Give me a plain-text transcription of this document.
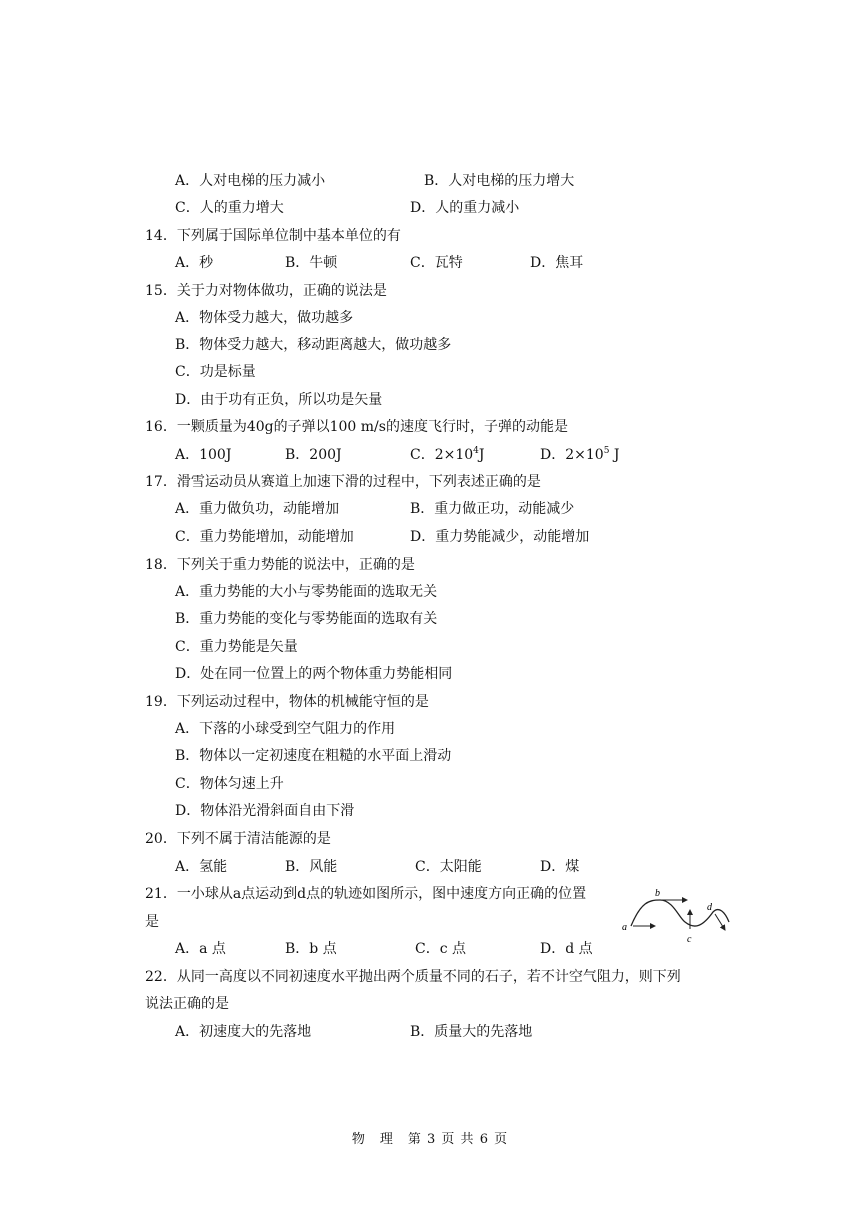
A．人对电梯的压力减小	B．人对电梯的压力增大
C．人的重力增大	D．人的重力减小
14．下列属于国际单位制中基本单位的有
A．秒	B．牛顿	C．瓦特	D．焦耳
15．关于力对物体做功，正确的说法是
A．物体受力越大，做功越多
B．物体受力越大，移动距离越大，做功越多
C．功是标量
D．由于功有正负，所以功是矢量
16．一颗质量为40g的子弹以100 m/s的速度飞行时，子弹的动能是
A．100J	B．200J	C．$2\times 10^4J$	D．$2\times 10^5$ J
17．滑雪运动员从赛道上加速下滑的过程中，下列表述正确的是
A．重力做负功，动能增加	B．重力做正功，动能减少
C．重力势能增加，动能增加	D．重力势能减少，动能增加
18．下列关于重力势能的说法中，正确的是
A．重力势能的大小与零势能面的选取无关
B．重力势能的变化与零势能面的选取有关
C．重力势能是矢量
D．处在同一位置上的两个物体重力势能相同
19．下列运动过程中，物体的机械能守恒的是
A．下落的小球受到空气阻力的作用
B．物体以一定初速度在粗糙的水平面上滑动
C．物体匀速上升
D．物体沿光滑斜面自由下滑
20．下列不属于清洁能源的是
A．氢能	B．风能	C．太阳能	D．煤
21．一小球从a点运动到d点的轨迹如图所示，图中速度方向正确的位置
是
A．a 点	B．b 点	C．c 点	D．d 点
a
b
c
d
22．从同一高度以不同初速度水平抛出两个质量不同的石子，若不计空气阻力，则下列
说法正确的是
A．初速度大的先落地	B．质量大的先落地
物　理　第 3 页 共 6 页
